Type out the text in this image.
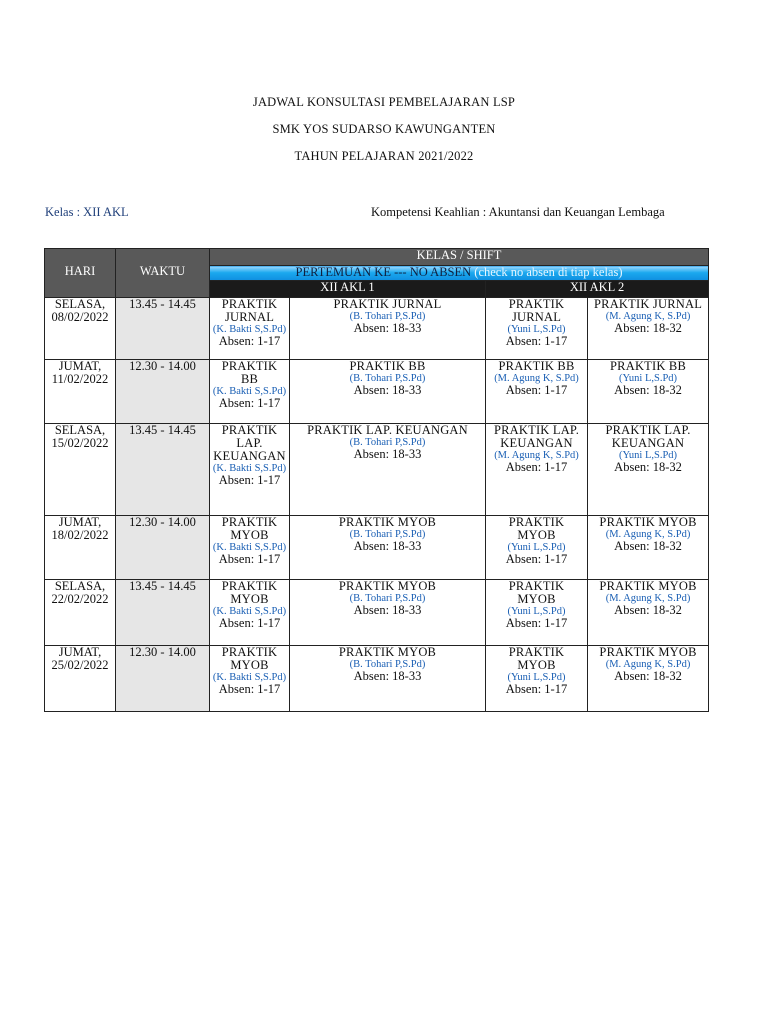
JADWAL KONSULTASI PEMBELAJARAN LSP
SMK YOS SUDARSO KAWUNGANTEN
TAHUN PELAJARAN 2021/2022
Kelas : XII AKL	Kompetensi Keahlian : Akuntansi dan Keuangan Lembaga
HARI	WAKTU	KELAS / SHIFT			
		PERTEMUAN KE --- NO ABSEN (check no absen di tiap kelas)			
		XII AKL 1		XII AKL 2	
SELASA, 08/02/2022	13.45 - 14.45	PRAKTIK JURNAL
(K. Bakti S,S.Pd)
Absen: 1-17	PRAKTIK JURNAL
(B. Tohari P,S.Pd)
Absen: 18-33	PRAKTIK JURNAL
(Yuni L,S.Pd)
Absen: 1-17	PRAKTIK JURNAL
(M. Agung K, S.Pd)
Absen: 18-32

JUMAT, 11/02/2022	12.30 - 14.00	PRAKTIK BB
(K. Bakti S,S.Pd)
Absen: 1-17	PRAKTIK BB
(B. Tohari P,S.Pd)
Absen: 18-33	PRAKTIK BB
(M. Agung K, S.Pd)
Absen: 1-17	PRAKTIK BB
(Yuni L,S.Pd)
Absen: 18-32

SELASA, 15/02/2022	13.45 - 14.45	PRAKTIK LAP. KEUANGAN
(K. Bakti S,S.Pd)
Absen: 1-17	PRAKTIK LAP. KEUANGAN
(B. Tohari P,S.Pd)
Absen: 18-33	PRAKTIK LAP. KEUANGAN
(M. Agung K, S.Pd)
Absen: 1-17	PRAKTIK LAP. KEUANGAN
(Yuni L,S.Pd)
Absen: 18-32

JUMAT, 18/02/2022	12.30 - 14.00	PRAKTIK MYOB
(K. Bakti S,S.Pd)
Absen: 1-17	PRAKTIK MYOB
(B. Tohari P,S.Pd)
Absen: 18-33	PRAKTIK MYOB
(Yuni L,S.Pd)
Absen: 1-17	PRAKTIK MYOB
(M. Agung K, S.Pd)
Absen: 18-32

SELASA, 22/02/2022	13.45 - 14.45	PRAKTIK MYOB
(K. Bakti S,S.Pd)
Absen: 1-17	PRAKTIK MYOB
(B. Tohari P,S.Pd)
Absen: 18-33	PRAKTIK MYOB
(Yuni L,S.Pd)
Absen: 1-17	PRAKTIK MYOB
(M. Agung K, S.Pd)
Absen: 18-32

JUMAT, 25/02/2022	12.30 - 14.00	PRAKTIK MYOB
(K. Bakti S,S.Pd)
Absen: 1-17	PRAKTIK MYOB
(B. Tohari P,S.Pd)
Absen: 18-33	PRAKTIK MYOB
(Yuni L,S.Pd)
Absen: 1-17	PRAKTIK MYOB
(M. Agung K, S.Pd)
Absen: 18-32
